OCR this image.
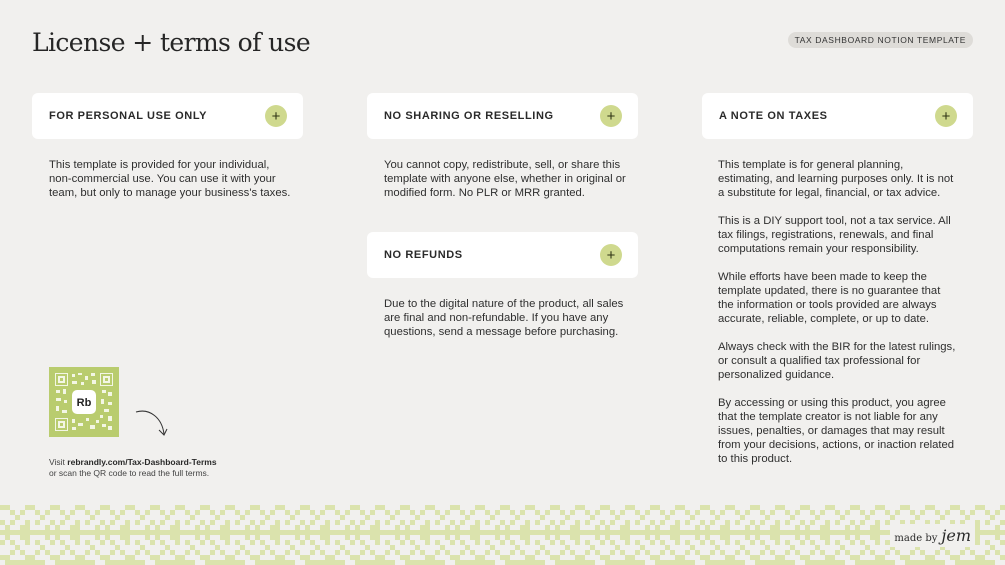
License + terms of use	TAX DASHBOARD NOTION TEMPLATE
FOR PERSONAL USE ONLY	+

This template is provided for your individual, non-commercial use. You can use it with your team, but only to manage your business's taxes.

NO SHARING OR RESELLING	+

You cannot copy, redistribute, sell, or share this template with anyone else, whether in original or modified form. No PLR or MRR granted.

NO REFUNDS	+

Due to the digital nature of the product, all sales are final and non-refundable. If you have any questions, send a message before purchasing.

A NOTE ON TAXES	+

This template is for general planning, estimating, and learning purposes only. It is not a substitute for legal, financial, or tax advice.

This is a DIY support tool, not a tax service. All tax filings, registrations, renewals, and final computations remain your responsibility.

While efforts have been made to keep the template updated, there is no guarantee that the information or tools provided are always accurate, reliable, complete, or up to date.

Always check with the BIR for the latest rulings, or consult a qualified tax professional for personalized guidance.

By accessing or using this product, you agree that the template creator is not liable for any issues, penalties, or damages that may result from your decisions, actions, or inaction related to this product.

Rb
Visit rebrandly.com/Tax-Dashboard-Terms
or scan the QR code to read the full terms.
made by jem
